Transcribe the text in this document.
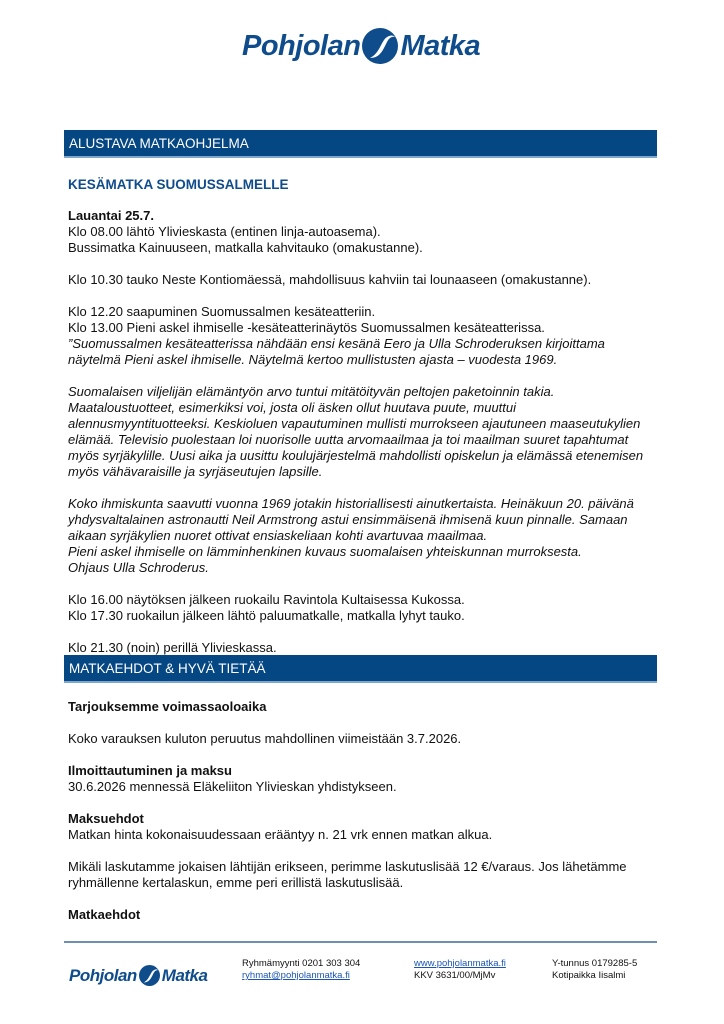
Pohjolan Matka
ALUSTAVA MATKAOHJELMA
KESÄMATKA SUOMUSSALMELLE

Lauantai 25.7.

Klo 08.00 lähtö Ylivieskasta (entinen linja-autoasema).

Bussimatka Kainuuseen, matkalla kahvitauko (omakustanne).

Klo 10.30 tauko Neste Kontiomäessä, mahdollisuus kahviin tai lounaaseen (omakustanne).

Klo 12.20 saapuminen Suomussalmen kesäteatteriin.

Klo 13.00 Pieni askel ihmiselle -kesäteatterinäytös Suomussalmen kesäteatterissa.

”Suomussalmen kesäteatterissa nähdään ensi kesänä Eero ja Ulla Schroderuksen kirjoittama näytelmä Pieni askel ihmiselle. Näytelmä kertoo mullistusten ajasta – vuodesta 1969.

Suomalaisen viljelijän elämäntyön arvo tuntui mitätöityvän peltojen paketoinnin takia. Maataloustuotteet, esimerkiksi voi, josta oli äsken ollut huutava puute, muuttui alennusmyyntituotteeksi. Keskioluen vapautuminen mullisti murrokseen ajautuneen maaseutukylien elämää. Televisio puolestaan loi nuorisolle uutta arvomaailmaa ja toi maailman suuret tapahtumat myös syrjäkylille. Uusi aika ja uusittu koulujärjestelmä mahdollisti opiskelun ja elämässä etenemisen myös vähävaraisille ja syrjäseutujen lapsille.

Koko ihmiskunta saavutti vuonna 1969 jotakin historiallisesti ainutkertaista. Heinäkuun 20. päivänä yhdysvaltalainen astronautti Neil Armstrong astui ensimmäisenä ihmisenä kuun pinnalle. Samaan aikaan syrjäkylien nuoret ottivat ensiaskeliaan kohti avartuvaa maailmaa.

Pieni askel ihmiselle on lämminhenkinen kuvaus suomalaisen yhteiskunnan murroksesta.

Ohjaus Ulla Schroderus.

Klo 16.00 näytöksen jälkeen ruokailu Ravintola Kultaisessa Kukossa.

Klo 17.30 ruokailun jälkeen lähtö paluumatkalle, matkalla lyhyt tauko.

Klo 21.30 (noin) perillä Ylivieskassa.

MATKAEHDOT & HYVÄ TIETÄÄ

Tarjouksemme voimassaoloaika

Koko varauksen kuluton peruutus mahdollinen viimeistään 3.7.2026.

Ilmoittautuminen ja maksu

30.6.2026 mennessä Eläkeliiton Ylivieskan yhdistykseen.

Maksuehdot

Matkan hinta kokonaisuudessaan erääntyy n. 21 vrk ennen matkan alkua.

Mikäli laskutamme jokaisen lähtijän erikseen, perimme laskutuslisää 12 €/varaus. Jos lähetämme ryhmällenne kertalaskun, emme peri erillistä laskutuslisää.

Matkaehdot

Pohjolan Matka
Ryhmämyynti 0201 303 304
ryhmat@pohjolanmatka.fi
www.pohjolanmatka.fi
KKV 3631/00/MjMv
Y-tunnus 0179285-5
Kotipaikka Iisalmi
